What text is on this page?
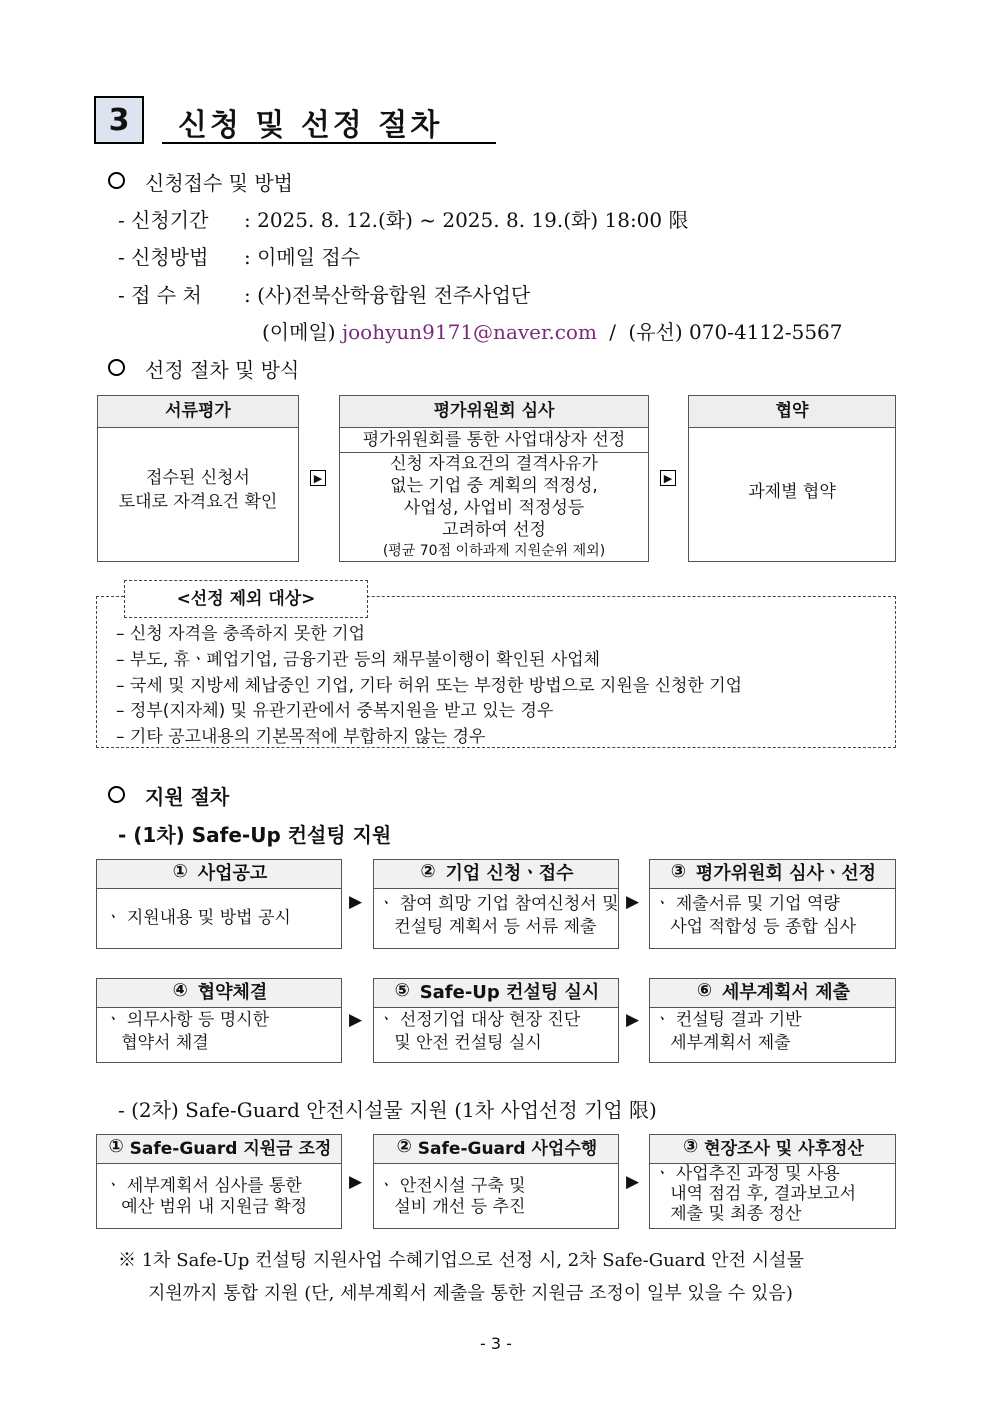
3	신청 및 선정 절차
신청접수 및 방법
- 신청기간 : 2025. 8. 12.(화) ~ 2025. 8. 19.(화) 18:00 限
- 신청방법 : 이메일 접수
- 접 수 처 : (사)전북산학융합원 전주사업단
(이메일) joohyun9171@naver.com / (유선) 070-4112-5567
선정 절차 및 방식
서류평가
접수된 신청서
토대로 자격요건 확인
▶
평가위원회 심사
평가위원회를 통한 사업대상자 선정
신청 자격요건의 결격사유가
없는 기업 중 계획의 적정성,
사업성, 사업비 적정성등
고려하여 선정
(평균 70점 이하과제 지원순위 제외)
▶
협약
과제별 협약
<선정 제외 대상>
– 신청 자격을 충족하지 못한 기업
– 부도, 휴ㆍ폐업기업, 금융기관 등의 채무불이행이 확인된 사업체
– 국세 및 지방세 체납중인 기업, 기타 허위 또는 부정한 방법으로 지원을 신청한 기업
– 정부(지자체) 및 유관기관에서 중복지원을 받고 있는 경우
– 기타 공고내용의 기본목적에 부합하지 않는 경우
지원 절차
- (1차) Safe-Up 컨설팅 지원
① 사업공고
ㆍ 지원내용 및 방법 공시
▶
② 기업 신청ㆍ접수
ㆍ 참여 희망 기업 참여신청서 및
컨설팅 계획서 등 서류 제출
▶
③ 평가위원회 심사ㆍ선정
ㆍ 제출서류 및 기업 역량
사업 적합성 등 종합 심사
④ 협약체결
ㆍ 의무사항 등 명시한
협약서 체결
▶
⑤ Safe-Up 컨설팅 실시
ㆍ 선정기업 대상 현장 진단
및 안전 컨설팅 실시
▶
⑥ 세부계획서 제출
ㆍ 컨설팅 결과 기반
세부계획서 제출
- (2차) Safe-Guard 안전시설물 지원 (1차 사업선정 기업 限)
① Safe-Guard 지원금 조정
ㆍ 세부계획서 심사를 통한
예산 범위 내 지원금 확정
▶
② Safe-Guard 사업수행
ㆍ 안전시설 구축 및
설비 개선 등 추진
▶
③ 현장조사 및 사후정산
ㆍ 사업추진 과정 및 사용
내역 점검 후, 결과보고서
제출 및 최종 정산
※ 1차 Safe-Up 컨설팅 지원사업 수혜기업으로 선정 시, 2차 Safe-Guard 안전 시설물
지원까지 통합 지원 (단, 세부계획서 제출을 통한 지원금 조정이 일부 있을 수 있음)
- 3 -
